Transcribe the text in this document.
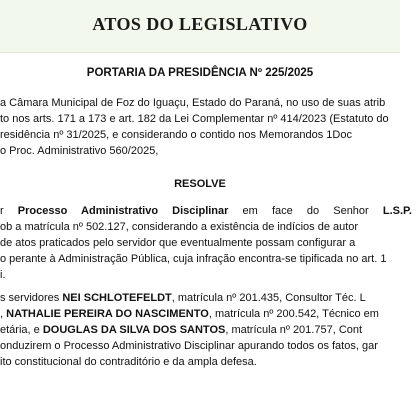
ATOS DO LEGISLATIVO
PORTARIA DA PRESIDÊNCIA Nº 225/2025
a Câmara Municipal de Foz do Iguaçu, Estado do Paraná, no uso de suas atrib
to nos arts. 171 a 173 e art. 182 da Lei Complementar nº 414/2023 (Estatuto do
residência nº 31/2025, e considerando o contido nos Memorandos 1Doc
o Proc. Administrativo 560/2025,
RESOLVE
r Processo Administrativo Disciplinar em face do Senhor L.S.P.
ob a matrícula nº 502.127, considerando a existência de indícios de autor
de atos praticados pelo servidor que eventualmente possam configurar a
o perante à Administração Pública, cuja infração encontra-se tipificada no art. 1
i.
s servidores NEI SCHLOTEFELDT, matrícula nº 201.435, Consultor Téc. L
, NATHALIE PEREIRA DO NASCIMENTO, matrícula nº 200.542, Técnico em
etária, e DOUGLAS DA SILVA DOS SANTOS, matrícula nº 201.757, Cont
onduzirem o Processo Administrativo Disciplinar apurando todos os fatos, gar
ito constitucional do contraditório e da ampla defesa.
